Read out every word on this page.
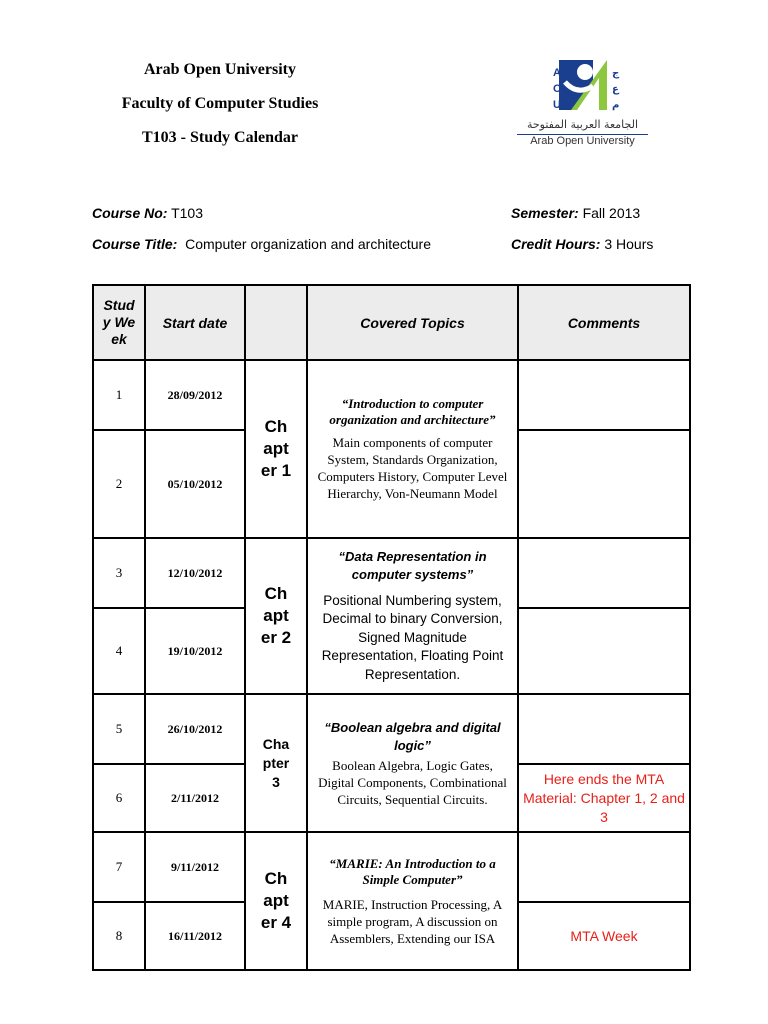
Arab Open University
Faculty of Computer Studies
T103 - Study Calendar
A
O
U
ج
ع
م
الجامعة العربية المفتوحة
Arab Open University
Course No: T103
Course Title: Computer organization and architecture
Semester: Fall 2013
Credit Hours: 3 Hours
Study Week	Start date		Covered Topics	Comments
1	28/09/2012	Chapter 1	“Introduction to computer organization and architecture”
Main components of computer System, Standards Organization, Computers History, Computer Level Hierarchy, Von-Neumann Model	

2	05/10/2012			
3	12/10/2012	Chapter 2	“Data Representation in computer systems”
Positional Numbering system, Decimal to binary Conversion, Signed Magnitude Representation, Floating Point Representation.	

4	19/10/2012			
5	26/10/2012	Chapter 3	“Boolean algebra and digital logic”
Boolean Algebra, Logic Gates, Digital Components, Combinational Circuits, Sequential Circuits.	

6	2/11/2012			Here ends the MTA Material: Chapter 1, 2 and 3
7	9/11/2012	Chapter 4	“MARIE: An Introduction to a Simple Computer”
MARIE, Instruction Processing, A simple program, A discussion on Assemblers, Extending our ISA	

8	16/11/2012			MTA Week
